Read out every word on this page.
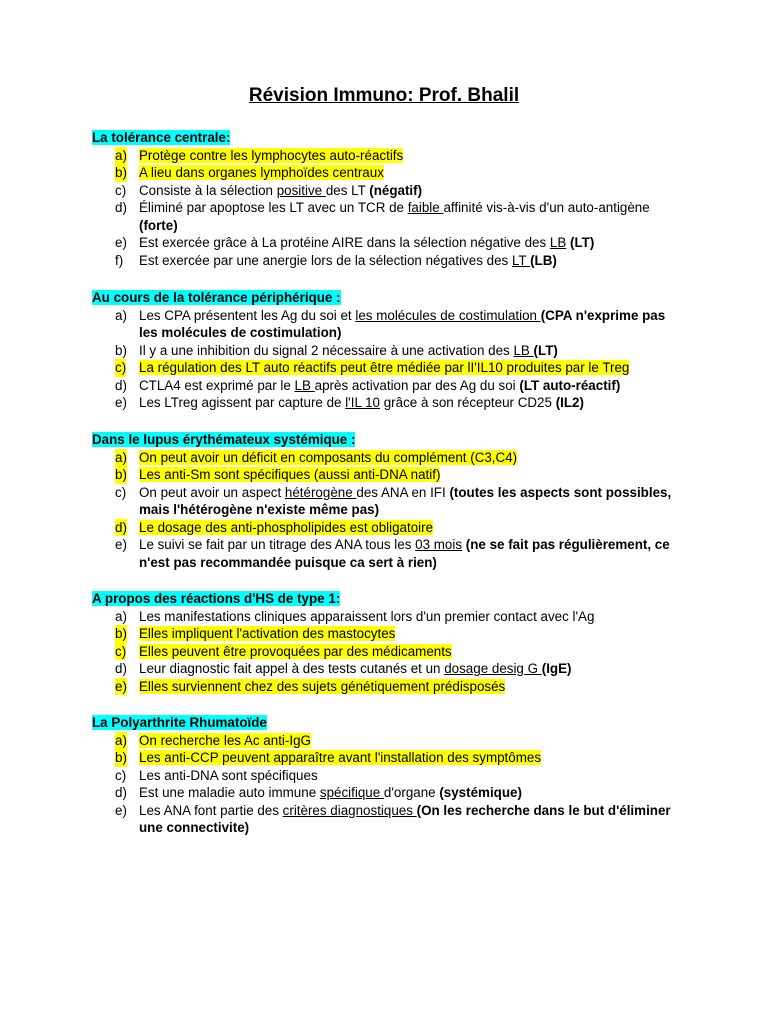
Révision Immuno: Prof. Bhalil
La tolérance centrale:
a) Protège contre les lymphocytes auto-réactifs
b) A lieu dans organes lymphoïdes centraux
c) Consiste à la sélection positive des LT (négatif)
d) Éliminé par apoptose les LT avec un TCR de faible affinité vis-à-vis d'un auto-antigène (forte)
e) Est exercée grâce à La protéine AIRE dans la sélection négative des LB (LT)
f) Est exercée par une anergie lors de la sélection négatives des LT (LB)
Au cours de la tolérance périphérique :
a) Les CPA présentent les Ag du soi et les molécules de costimulation (CPA n'exprime pas les molécules de costimulation)
b) Il y a une inhibition du signal 2 nécessaire à une activation des LB (LT)
c) La régulation des LT auto réactifs peut être médiée par lI'IL10 produites par le Treg
d) CTLA4 est exprimé par le LB après activation par des Ag du soi (LT auto-réactif)
e) Les LTreg agissent par capture de l'IL 10 grâce à son récepteur CD25 (IL2)
Dans le lupus érythémateux systémique :
a) On peut avoir un déficit en composants du complément (C3,C4)
b) Les anti-Sm sont spécifiques (aussi anti-DNA natif)
c) On peut avoir un aspect hétérogène des ANA en IFI (toutes les aspects sont possibles, mais l'hétérogène n'existe même pas)
d) Le dosage des anti-phospholipides est obligatoire
e) Le suivi se fait par un titrage des ANA tous les 03 mois (ne se fait pas régulièrement, ce n'est pas recommandée puisque ca sert à rien)
A propos des réactions d'HS de type 1:
a) Les manifestations cliniques apparaissent lors d'un premier contact avec l'Ag
b) Elles impliquent l'activation des mastocytes
c) Elles peuvent être provoquées par des médicaments
d) Leur diagnostic fait appel à des tests cutanés et un dosage desig G (IgE)
e) Elles surviennent chez des sujets génétiquement prédisposés
La Polyarthrite Rhumatoïde
a) On recherche les Ac anti-IgG
b) Les anti-CCP peuvent apparaître avant l'installation des symptômes
c) Les anti-DNA sont spécifiques
d) Est une maladie auto immune spécifique d'organe (systémique)
e) Les ANA font partie des critères diagnostiques (On les recherche dans le but d'éliminer une connectivite)
